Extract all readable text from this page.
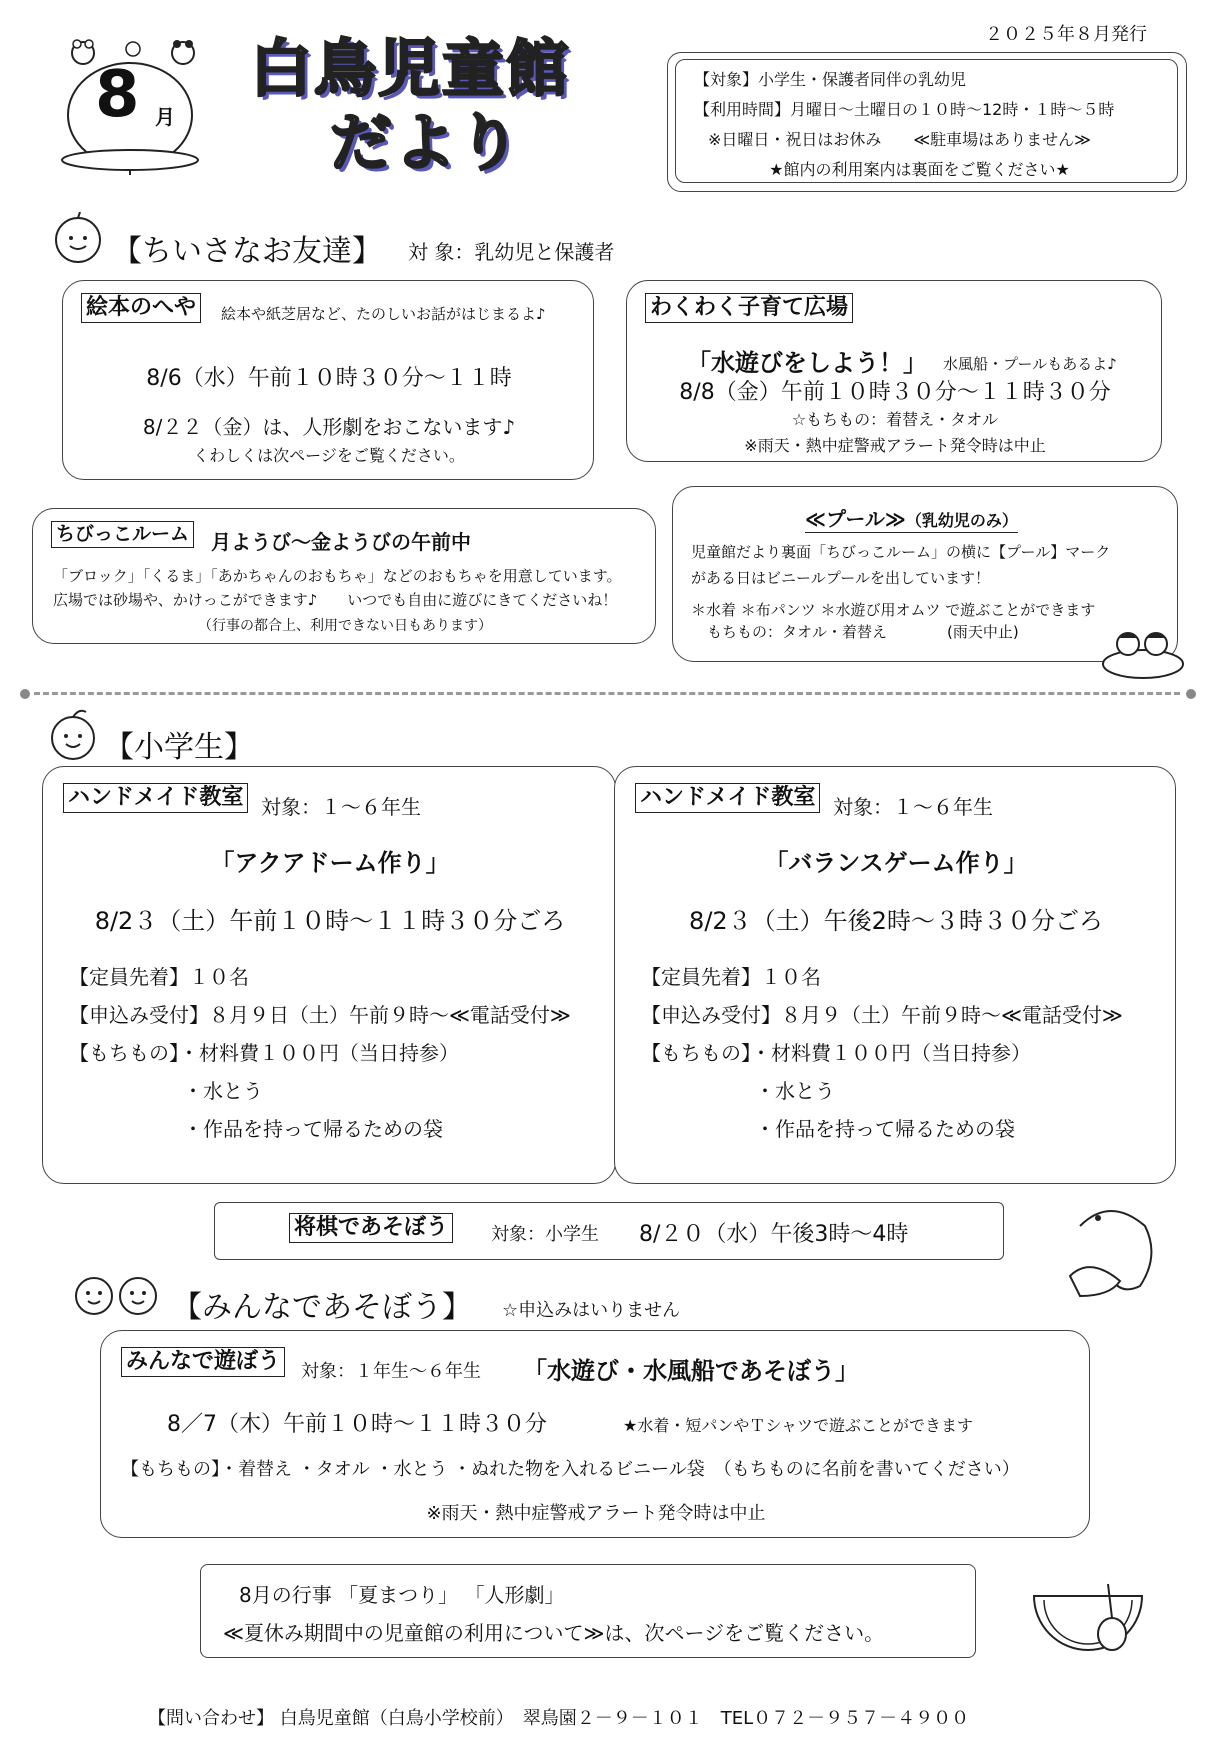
２０２５年８月発行
8 月
白鳥児童館
だより
【対象】小学生・保護者同伴の乳幼児
【利用時間】月曜日～土曜日の１０時～12時・１時～５時
※日曜日・祝日はお休み　　≪駐車場はありません≫
★館内の利用案内は裏面をご覧ください★
【ちいさなお友達】 対 象：乳幼児と保護者
絵本のへや	絵本や紙芝居など、たのしいお話がはじまるよ♪
8/6（水）午前１０時３０分～１１時
8/２２（金）は、人形劇をおこないます♪
くわしくは次ページをご覧ください。
わくわく子育て広場
「水遊びをしよう！」 水風船・プールもあるよ♪
8/8（金）午前１０時３０分～１１時３０分
☆もちもの：着替え・タオル
※雨天・熱中症警戒アラート発令時は中止
ちびっこルーム 月ようび～金ようびの午前中
「ブロック」「くるま」「あかちゃんのおもちゃ」などのおもちゃを用意しています。
広場では砂場や、かけっこができます♪　　いつでも自由に遊びにきてくださいね！
（行事の都合上、利用できない日もあります）
≪プール≫（乳幼児のみ）
児童館だより裏面「ちびっこルーム」の横に【プール】マーク
がある日はビニールプールを出しています！
＊水着 ＊布パンツ ＊水遊び用オムツ で遊ぶことができます
もちもの：タオル・着替え　　　　(雨天中止)
【小学生】
ハンドメイド教室 対象：１～６年生
「アクアドーム作り」
8/2３（土）午前１０時～１１時３０分ごろ
【定員先着】１０名
【申込み受付】８月９日（土）午前９時～≪電話受付≫
【もちもの】・材料費１００円（当日持参）
・水とう
・作品を持って帰るための袋
ハンドメイド教室 対象：１～６年生
「バランスゲーム作り」
8/2３（土）午後2時～３時３０分ごろ
【定員先着】１０名
【申込み受付】８月９（土）午前９時～≪電話受付≫
【もちもの】・材料費１００円（当日持参）
・水とう
・作品を持って帰るための袋
将棋であそぼう 対象：小学生 8/２０（水）午後3時～4時
【みんなであそぼう】 ☆申込みはいりません
みんなで遊ぼう 対象：１年生～６年生 「水遊び・水風船であそぼう」
8／7（木）午前１０時～１１時３０分	★水着・短パンやＴシャツで遊ぶことができます
【もちもの】・着替え ・タオル ・水とう ・ぬれた物を入れるビニール袋　（もちものに名前を書いてください）
※雨天・熱中症警戒アラート発令時は中止
8月の行事 「夏まつり」 「人形劇」
≪夏休み期間中の児童館の利用について≫は、次ページをご覧ください。
【問い合わせ】 白鳥児童館（白鳥小学校前）　翠鳥園２－９－１０１　TEL０７２－９５７－４９００
